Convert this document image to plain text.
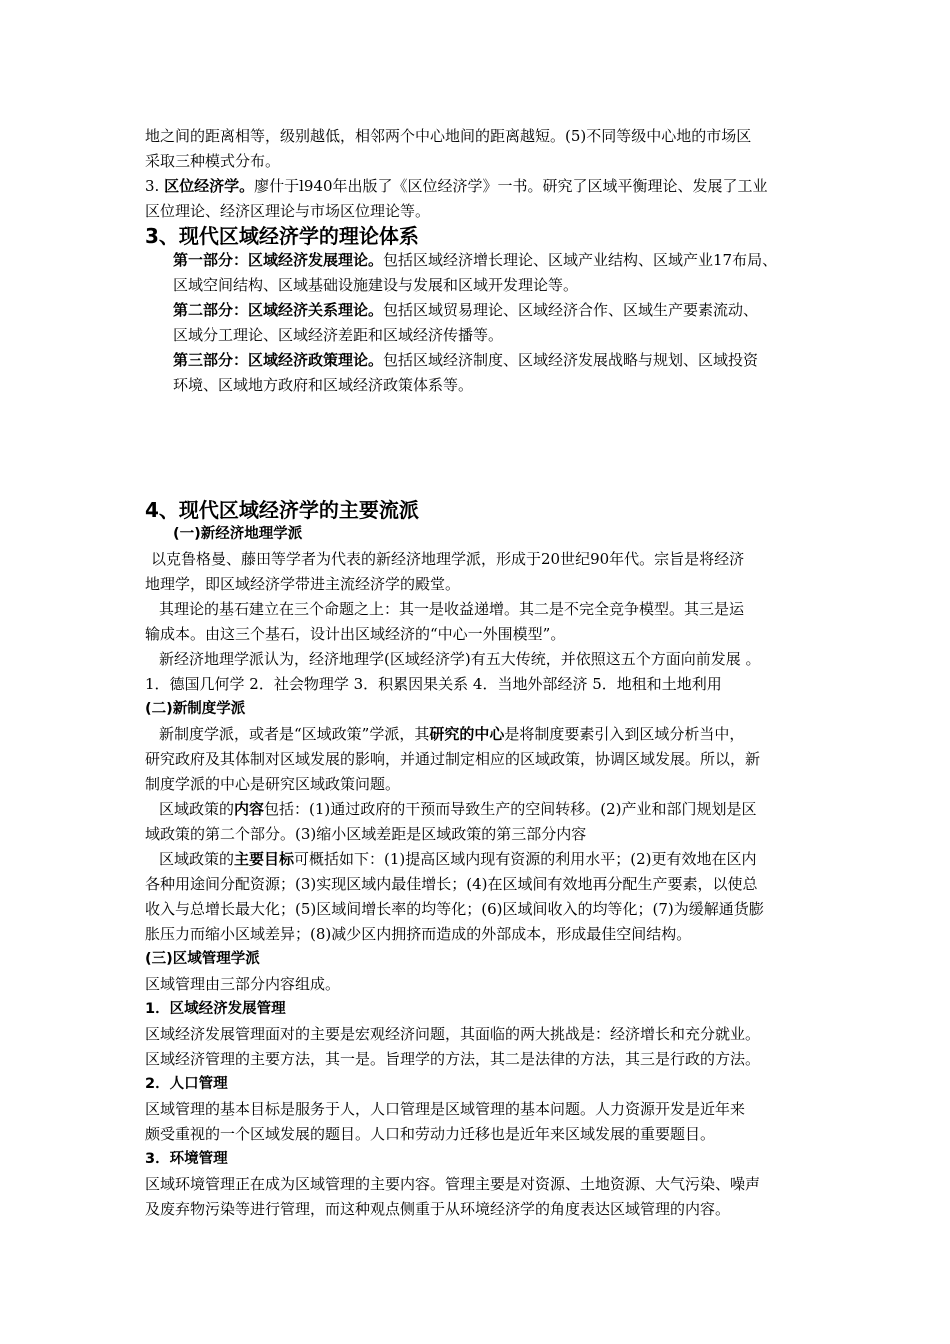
地之间的距离相等，级别越低，相邻两个中心地间的距离越短。(5)不同等级中心地的市场区

采取三种模式分布。

3. 区位经济学。廖什于l940年出版了《区位经济学》一书。研究了区域平衡理论、发展了工业

区位理论、经济区理论与市场区位理论等。

3、现代区域经济学的理论体系

第一部分：区域经济发展理论。包括区域经济增长理论、区域产业结构、区域产业17布局、

区域空间结构、区域基础设施建设与发展和区域开发理论等。

第二部分：区域经济关系理论。包括区域贸易理论、区域经济合作、区域生产要素流动、

区域分工理论、区域经济差距和区域经济传播等。

第三部分：区域经济政策理论。包括区域经济制度、区域经济发展战略与规划、区域投资

环境、区域地方政府和区域经济政策体系等。

4、现代区域经济学的主要流派

(一)新经济地理学派

以克鲁格曼、藤田等学者为代表的新经济地理学派，形成于20世纪90年代。宗旨是将经济

地理学，即区域经济学带进主流经济学的殿堂。

其理论的基石建立在三个命题之上：其一是收益递增。其二是不完全竞争模型。其三是运

输成本。由这三个基石，设计出区域经济的“中心一外围模型”。

新经济地理学派认为，经济地理学(区域经济学)有五大传统，并依照这五个方面向前发展 。

1．德国几何学 2．社会物理学 3．积累因果关系 4．当地外部经济 5．地租和土地利用

(二)新制度学派

新制度学派，或者是“区域政策”学派，其研究的中心是将制度要素引入到区域分析当中，

研究政府及其体制对区域发展的影响，并通过制定相应的区域政策，协调区域发展。所以，新

制度学派的中心是研究区域政策问题。

区域政策的内容包括：(1)通过政府的干预而导致生产的空间转移。(2)产业和部门规划是区

域政策的第二个部分。(3)缩小区域差距是区域政策的第三部分内容

区域政策的主要目标可概括如下：(1)提高区域内现有资源的利用水平；(2)更有效地在区内

各种用途间分配资源；(3)实现区域内最佳增长；(4)在区域间有效地再分配生产要素，以使总

收入与总增长最大化；(5)区域间增长率的均等化；(6)区域间收入的均等化；(7)为缓解通货膨

胀压力而缩小区域差异；(8)减少区内拥挤而造成的外部成本，形成最佳空间结构。

(三)区域管理学派

区域管理由三部分内容组成。

1．区域经济发展管理

区域经济发展管理面对的主要是宏观经济问题，其面临的两大挑战是：经济增长和充分就业。

区域经济管理的主要方法，其一是。旨理学的方法，其二是法律的方法，其三是行政的方法。

2．人口管理

区域管理的基本目标是服务于人，人口管理是区域管理的基本问题。人力资源开发是近年来

颇受重视的一个区域发展的题目。人口和劳动力迁移也是近年来区域发展的重要题目。

3．环境管理

区域环境管理正在成为区域管理的主要内容。管理主要是对资源、土地资源、大气污染、噪声

及废弃物污染等进行管理，而这种观点侧重于从环境经济学的角度表达区域管理的内容。
